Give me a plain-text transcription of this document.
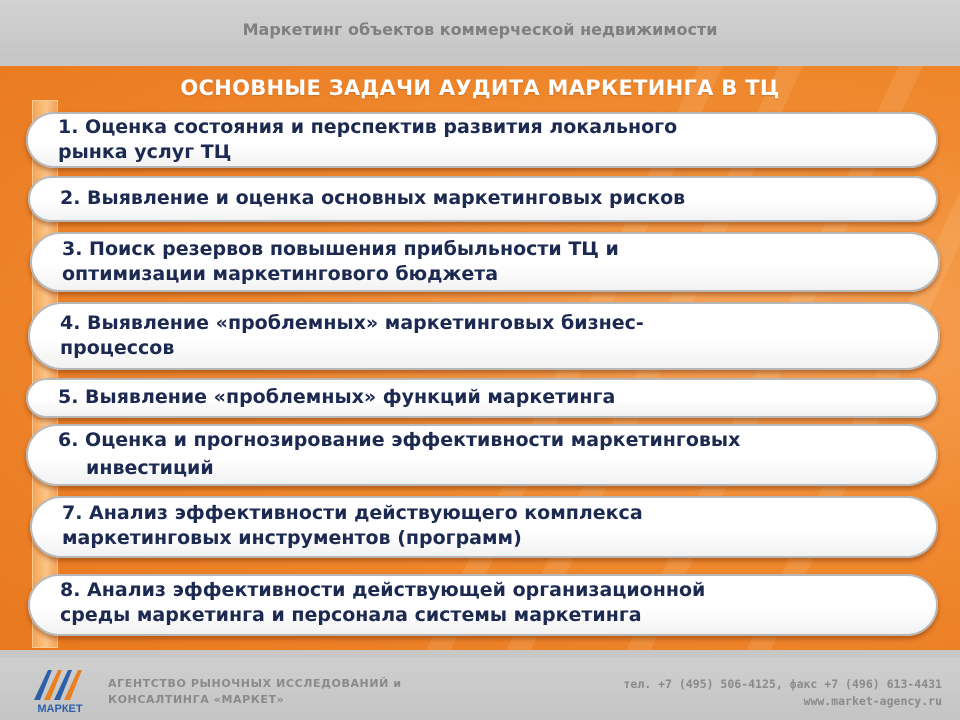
Маркетинг объектов коммерческой недвижимости
ОСНОВНЫЕ ЗАДАЧИ АУДИТА МАРКЕТИНГА В ТЦ
1. Оценка состояния и перспектив развития локального
рынка услуг ТЦ
2. Выявление и оценка основных маркетинговых рисков
3. Поиск резервов повышения прибыльности ТЦ и
оптимизации маркетингового бюджета
4. Выявление «проблемных» маркетинговых бизнес-
процессов
5. Выявление «проблемных» функций маркетинга
6. Оценка и прогнозирование эффективности маркетинговых
инвестиций
7. Анализ эффективности действующего комплекса
маркетинговых инструментов (программ)
8. Анализ эффективности действующей организационной
среды маркетинга и персонала системы маркетинга
МАРКЕТ
АГЕНТСТВО РЫНОЧНЫХ ИССЛЕДОВАНИЙ и
КОНСАЛТИНГА «МАРКЕТ»
тел. +7 (495) 506-4125, факс +7 (496) 613-4431
www.market-agency.ru
